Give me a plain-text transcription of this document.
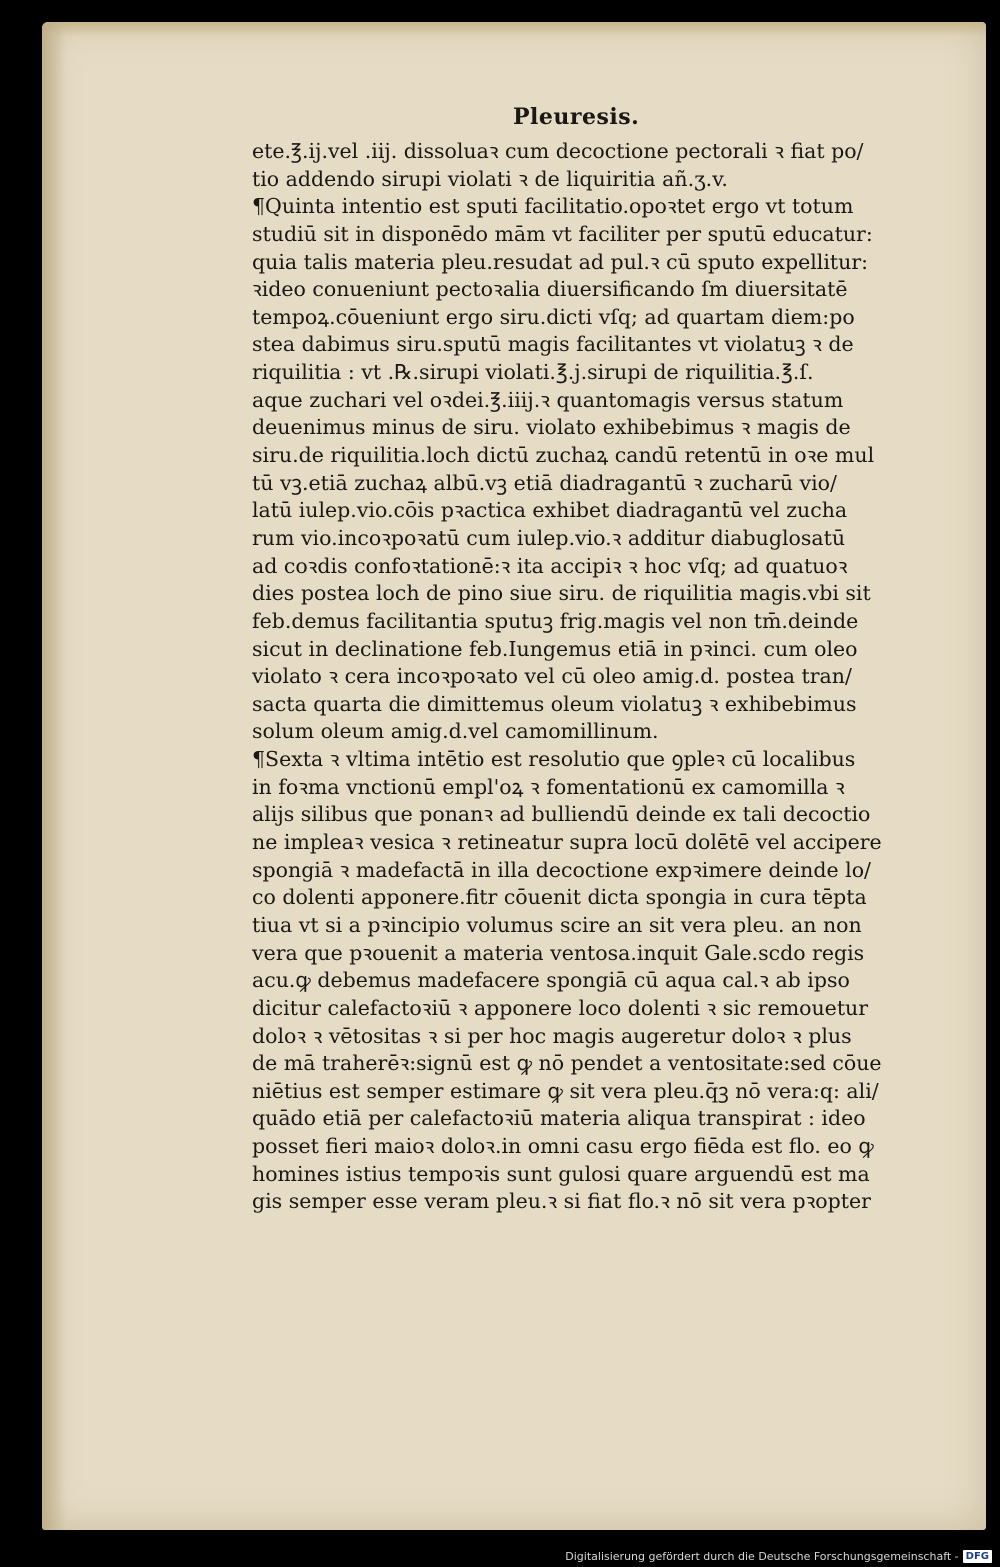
Pleuresis.
ete.℥.ij.vel .iij. dissoluaꝛ cum decoctione pectorali ꝛ fiat po/
tio addendo sirupi violati ꝛ de liquiritia añ.ʒ.v.
¶Quinta intentio est sputi facilitatio.opoꝛtet ergo vt totum
studiū sit in disponēdo mām vt faciliter per sputū educatur:
quia talis materia pleu.resudat ad pul.ꝛ cū sputo expellitur:
ꝛideo conueniunt pectoꝛalia diuersificando ſm diuersitatē
tempoꝝ.cōueniunt ergo siru.dicti vſq; ad quartam diem:po
stea dabimus siru.sputū magis facilitantes vt violatuꝫ ꝛ de
riquilitia : vt .℞.sirupi violati.℥.j.sirupi de riquilitia.℥.ſ.
aque zuchari vel oꝛdei.℥.iiij.ꝛ quantomagis versus statum
deuenimus minus de siru. violato exhibebimus ꝛ magis de
siru.de riquilitia.loch dictū zuchaꝝ candū retentū in oꝛe mul
tū vꝫ.etiā zuchaꝝ albū.vꝫ etiā diadragantū ꝛ zucharū vio/
latū iulep.vio.cōis pꝛactica exhibet diadragantū vel zucha
rum vio.incoꝛpoꝛatū cum iulep.vio.ꝛ additur diabuglosatū
ad coꝛdis confoꝛtationē:ꝛ ita accipiꝛ ꝛ hoc vſq; ad quatuoꝛ
dies postea loch de pino siue siru. de riquilitia magis.vbi sit
feb.demus facilitantia sputuꝫ frig.magis vel non tm̄.deinde
sicut in declinatione feb.Iungemus etiā in pꝛinci. cum oleo
violato ꝛ cera incoꝛpoꝛato vel cū oleo amig.d. postea tran/
sacta quarta die dimittemus oleum violatuꝫ ꝛ exhibebimus
solum oleum amig.d.vel camomillinum.
¶Sexta ꝛ vltima intētio est resolutio que ꝯpleꝛ cū localibus
in foꝛma vnctionū empl'oꝝ ꝛ fomentationū ex camomilla ꝛ
alijs silibus que ponanꝛ ad bulliendū deinde ex tali decoctio
ne impleaꝛ vesica ꝛ retineatur supra locū dolētē vel accipere
spongiā ꝛ madefactā in illa decoctione expꝛimere deinde lo/
co dolenti apponere.fitr cōuenit dicta spongia in cura tēpta
tiua vt si a pꝛincipio volumus scire an sit vera pleu. an non
vera que pꝛouenit a materia ventosa.inquit Gale.scdo regis
acu.ꝙ debemus madefacere spongiā cū aqua cal.ꝛ ab ipso
dicitur calefactoꝛiū ꝛ apponere loco dolenti ꝛ sic remouetur
doloꝛ ꝛ vētositas ꝛ si per hoc magis augeretur doloꝛ ꝛ plus
de mā traherēꝛ:signū est ꝙ nō pendet a ventositate:sed cōue
niētius est semper estimare ꝙ sit vera pleu.q̄ꝫ nō vera:q: ali/
quādo etiā per calefactoꝛiū materia aliqua transpirat : ideo
posset fieri maioꝛ doloꝛ.in omni casu ergo fiēda est flo. eo ꝙ
homines istius tempoꝛis sunt gulosi quare arguendū est ma
gis semper esse veram pleu.ꝛ si fiat flo.ꝛ nō sit vera pꝛopter
Digitalisierung gefördert durch die Deutsche Forschungsgemeinschaft - DFG
